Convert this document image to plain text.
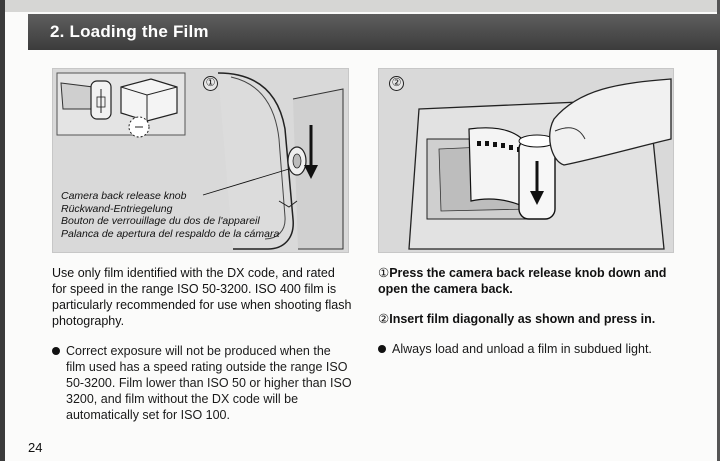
2. Loading the Film
①
Camera back release knob
Rückwand-Entriegelung
Bouton de verrouillage du dos de l'appareil
Palanca de apertura del respaldo de la cámara
②

Use only film identified with the DX code, and rated for speed in the range ISO 50-3200. ISO 400 film is particularly recommended for use when shooting flash photography.
Correct exposure will not be produced when the film used has a speed rating outside the range ISO 50-3200. Film lower than ISO 50 or higher than ISO 3200, and film without the DX code will be automatically set for ISO 100.
①Press the camera back release knob down and open the camera back.
②Insert film diagonally as shown and press in.
Always load and unload a film in subdued light.
24
